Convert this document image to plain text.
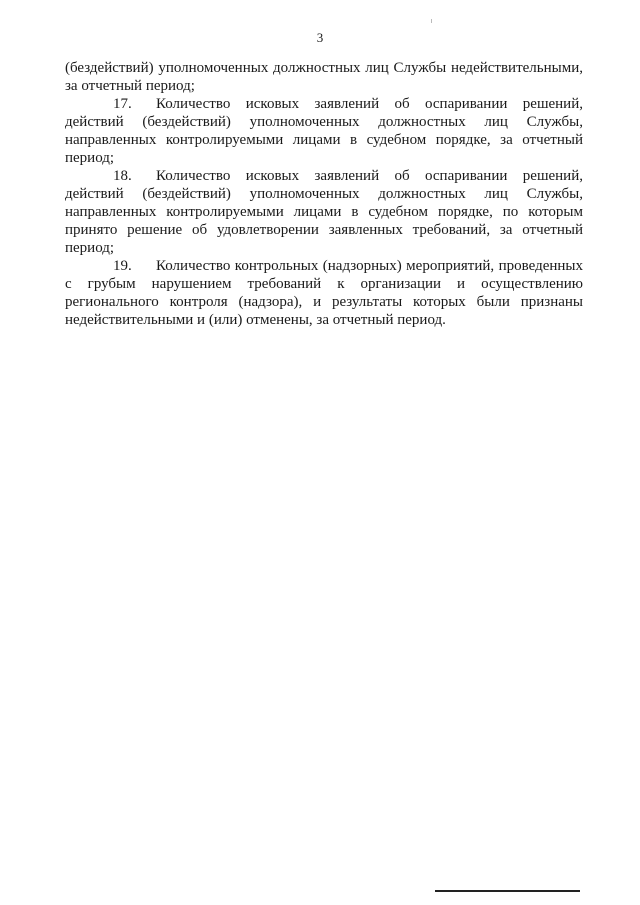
3

(бездействий) уполномоченных должностных лиц Службы недействительными, за отчетный период;

17. Количество исковых заявлений об оспаривании решений, действий (бездействий) уполномоченных должностных лиц Службы, направленных контролируемыми лицами в судебном порядке, за отчетный период;

18. Количество исковых заявлений об оспаривании решений, действий (бездействий) уполномоченных должностных лиц Службы, направленных контролируемыми лицами в судебном порядке, по которым принято решение об удовлетворении заявленных требований, за отчетный период;

19. Количество контрольных (надзорных) мероприятий, проведенных с грубым нарушением требований к организации и осуществлению регионального контроля (надзора), и результаты которых были признаны недействительными и (или) отменены, за отчетный период.
